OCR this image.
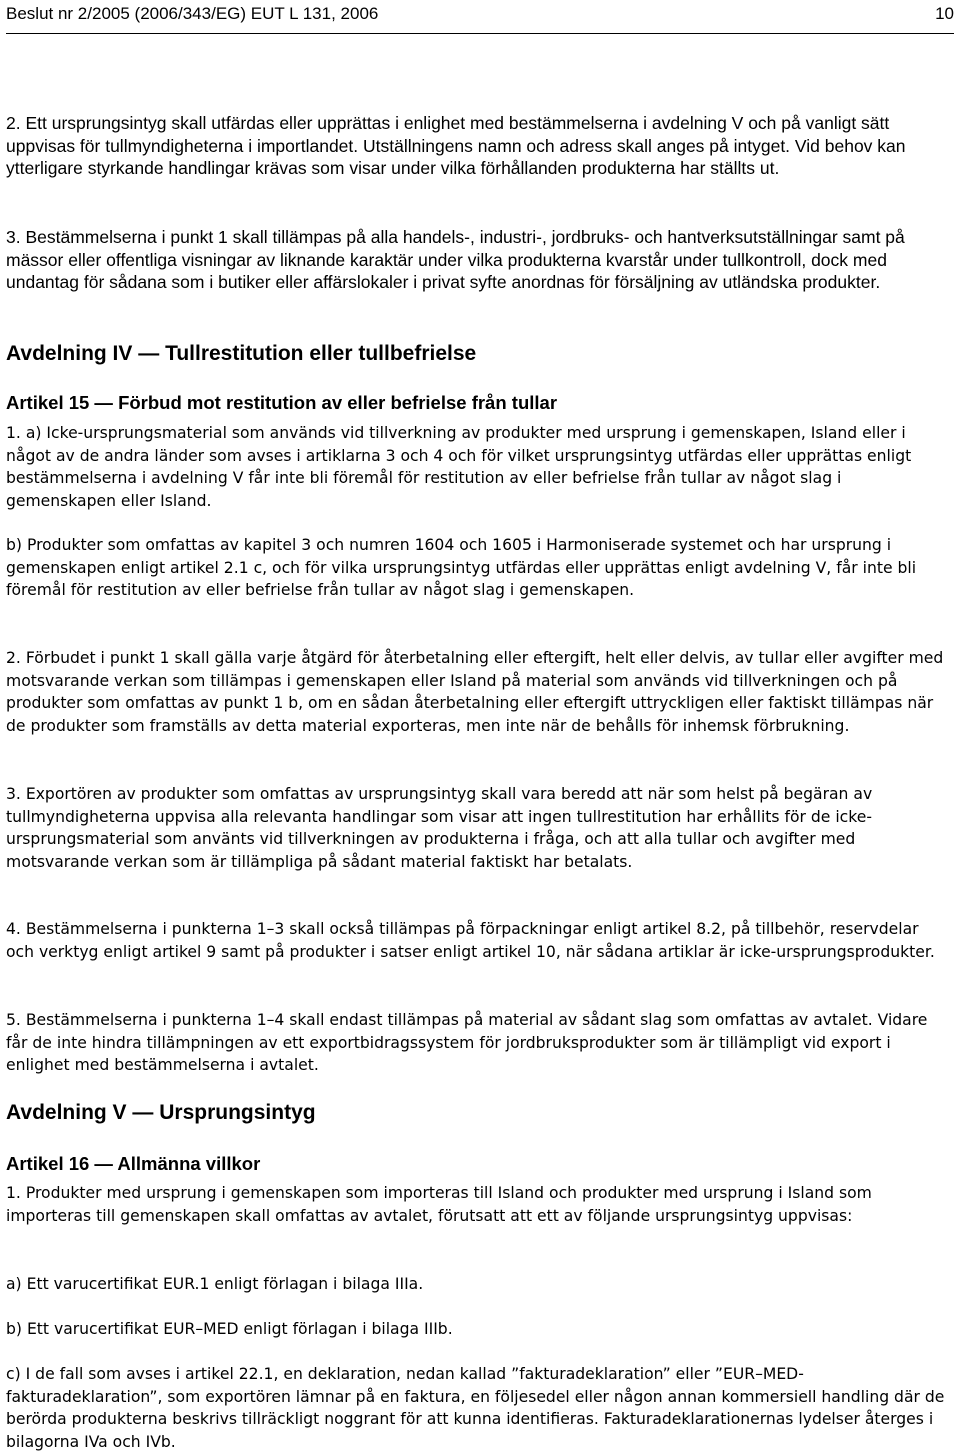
Beslut nr 2/2005 (2006/343/EG) EUT L 131, 2006	10

2. Ett ursprungsintyg skall utfärdas eller upprättas i enlighet med bestämmelserna i avdelning V och på vanligt sätt uppvisas för tullmyndigheterna i importlandet. Utställningens namn och adress skall anges på intyget. Vid behov kan ytterligare styrkande handlingar krävas som visar under vilka förhållanden produkterna har ställts ut.

3. Bestämmelserna i punkt 1 skall tillämpas på alla handels-, industri-, jordbruks- och hantverksutställningar samt på mässor eller offentliga visningar av liknande karaktär under vilka produkterna kvarstår under tullkontroll, dock med undantag för sådana som i butiker eller affärslokaler i privat syfte anordnas för försäljning av utländska produkter.

Avdelning IV — Tullrestitution eller tullbefrielse
Artikel 15 — Förbud mot restitution av eller befrielse från tullar

1. a) Icke-ursprungsmaterial som används vid tillverkning av produkter med ursprung i gemenskapen, Island eller i något av de andra länder som avses i artiklarna 3 och 4 och för vilket ursprungsintyg utfärdas eller upprättas enligt bestämmelserna i avdelning V får inte bli föremål för restitution av eller befrielse från tullar av något slag i gemenskapen eller Island.

b) Produkter som omfattas av kapitel 3 och numren 1604 och 1605 i Harmoniserade systemet och har ursprung i gemenskapen enligt artikel 2.1 c, och för vilka ursprungsintyg utfärdas eller upprättas enligt avdelning V, får inte bli föremål för restitution av eller befrielse från tullar av något slag i gemenskapen.

2. Förbudet i punkt 1 skall gälla varje åtgärd för återbetalning eller eftergift, helt eller delvis, av tullar eller avgifter med motsvarande verkan som tillämpas i gemenskapen eller Island på material som används vid tillverkningen och på produkter som omfattas av punkt 1 b, om en sådan återbetalning eller eftergift uttryckligen eller faktiskt tillämpas när de produkter som framställs av detta material exporteras, men inte när de behålls för inhemsk förbrukning.

3. Exportören av produkter som omfattas av ursprungsintyg skall vara beredd att när som helst på begäran av tullmyndigheterna uppvisa alla relevanta handlingar som visar att ingen tullrestitution har erhållits för de icke-ursprungsmaterial som använts vid tillverkningen av produkterna i fråga, och att alla tullar och avgifter med motsvarande verkan som är tillämpliga på sådant material faktiskt har betalats.

4. Bestämmelserna i punkterna 1–3 skall också tillämpas på förpackningar enligt artikel 8.2, på tillbehör, reservdelar och verktyg enligt artikel 9 samt på produkter i satser enligt artikel 10, när sådana artiklar är icke-ursprungsprodukter.

5. Bestämmelserna i punkterna 1–4 skall endast tillämpas på material av sådant slag som omfattas av avtalet. Vidare får de inte hindra tillämpningen av ett exportbidragssystem för jordbruksprodukter som är tillämpligt vid export i enlighet med bestämmelserna i avtalet.

Avdelning V — Ursprungsintyg
Artikel 16 — Allmänna villkor

1. Produkter med ursprung i gemenskapen som importeras till Island och produkter med ursprung i Island som importeras till gemenskapen skall omfattas av avtalet, förutsatt att ett av följande ursprungsintyg uppvisas:

a) Ett varucertifikat EUR.1 enligt förlagan i bilaga IIIa.

b) Ett varucertifikat EUR–MED enligt förlagan i bilaga IIIb.

c) I de fall som avses i artikel 22.1, en deklaration, nedan kallad ”fakturadeklaration” eller ”EUR–MED-fakturadeklaration”, som exportören lämnar på en faktura, en följesedel eller någon annan kommersiell handling där de berörda produkterna beskrivs tillräckligt noggrant för att kunna identifieras. Fakturadeklarationernas lydelser återges i bilagorna IVa och IVb.
